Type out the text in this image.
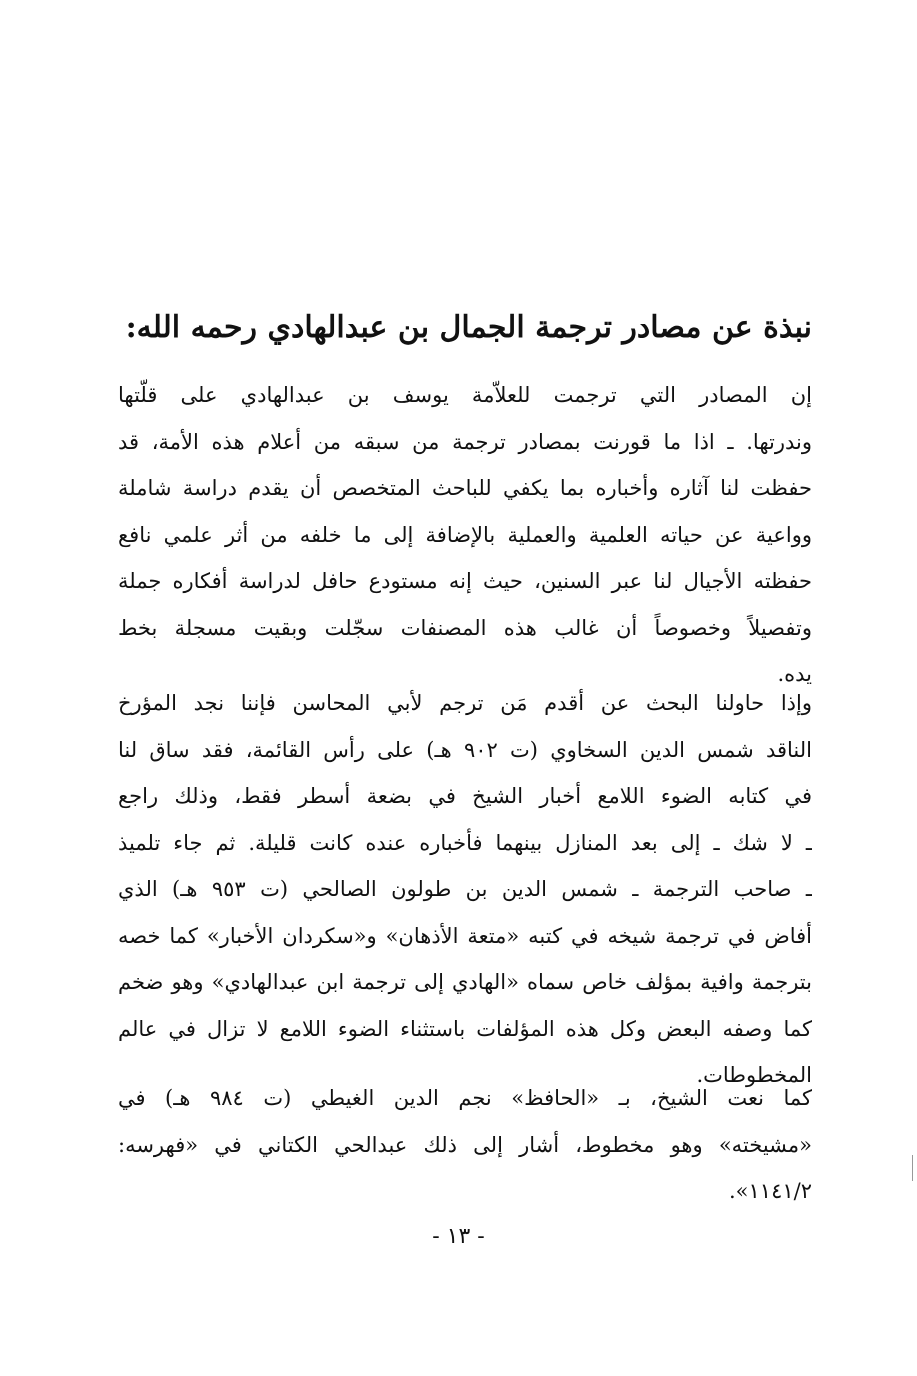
نبذة عن مصادر ترجمة الجمال بن عبدالهادي رحمه الله:
إن المصادر التي ترجمت للعلاّمة يوسف بن عبدالهادي على قلّتها
وندرتها. ـ اذا ما قورنت بمصادر ترجمة من سبقه من أعلام هذه الأمة، قد
حفظت لنا آثاره وأخباره بما يكفي للباحث المتخصص أن يقدم دراسة شاملة
وواعية عن حياته العلمية والعملية بالإضافة إلى ما خلفه من أثر علمي نافع
حفظته الأجيال لنا عبر السنين، حيث إنه مستودع حافل لدراسة أفكاره جملة
وتفصيلاً وخصوصاً أن غالب هذه المصنفات سجّلت وبقيت مسجلة بخط
يده.
وإذا حاولنا البحث عن أقدم مَن ترجم لأبي المحاسن فإننا نجد المؤرخ
الناقد شمس الدين السخاوي (ت ٩٠٢ هـ) على رأس القائمة، فقد ساق لنا
في كتابه الضوء اللامع أخبار الشيخ في بضعة أسطر فقط، وذلك راجع
ـ لا شك ـ إلى بعد المنازل بينهما فأخباره عنده كانت قليلة. ثم جاء تلميذ
ـ صاحب الترجمة ـ شمس الدين بن طولون الصالحي (ت ٩٥٣ هـ) الذي
أفاض في ترجمة شيخه في كتبه «متعة الأذهان» و«سكردان الأخبار» كما خصه
بترجمة وافية بمؤلف خاص سماه «الهادي إلى ترجمة ابن عبدالهادي» وهو ضخم
كما وصفه البعض وكل هذه المؤلفات باستثناء الضوء اللامع لا تزال في عالم
المخطوطات.
كما نعت الشيخ، بـ «الحافظ» نجم الدين الغيطي (ت ٩٨٤ هـ) في
«مشيخته» وهو مخطوط، أشار إلى ذلك عبدالحي الكتاني في «فهرسه:
١١٤١/٢».
- ١٣ -
